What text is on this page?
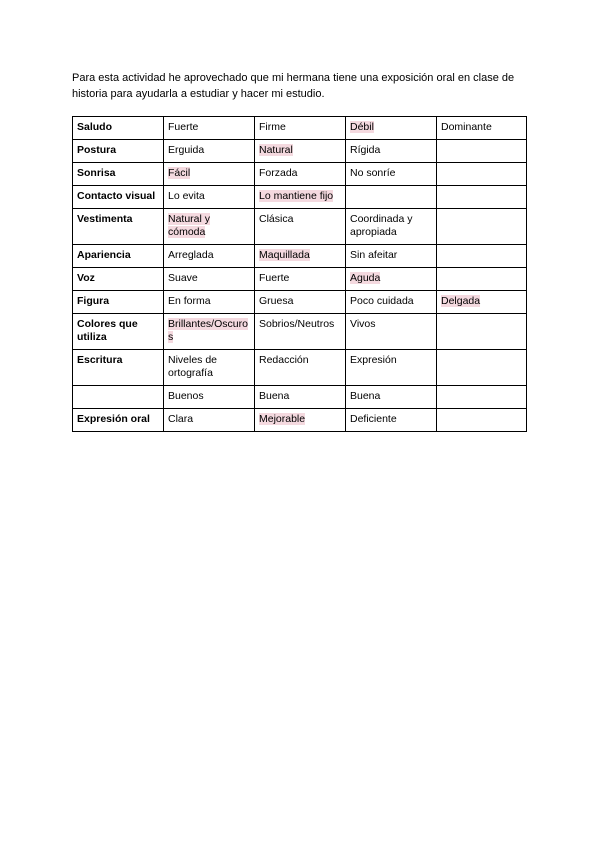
Para esta actividad he aprovechado que mi hermana tiene una exposición oral en clase de historia para ayudarla a estudiar y hacer mi estudio.

Saludo	Fuerte	Firme	Débil	Dominante
Postura	Erguida	Natural	Rígida	
Sonrisa	Fácil	Forzada	No sonríe	
Contacto visual	Lo evita	Lo mantiene fijo		
Vestimenta	Natural y cómoda	Clásica	Coordinada y apropiada	
Apariencia	Arreglada	Maquillada	Sin afeitar	
Voz	Suave	Fuerte	Aguda	
Figura	En forma	Gruesa	Poco cuidada	Delgada
Colores que utiliza	Brillantes/Oscuros	Sobrios/Neutros	Vivos	
Escritura	Niveles de ortografía	Redacción	Expresión	
	Buenos	Buena	Buena	
Expresión oral	Clara	Mejorable	Deficiente	
